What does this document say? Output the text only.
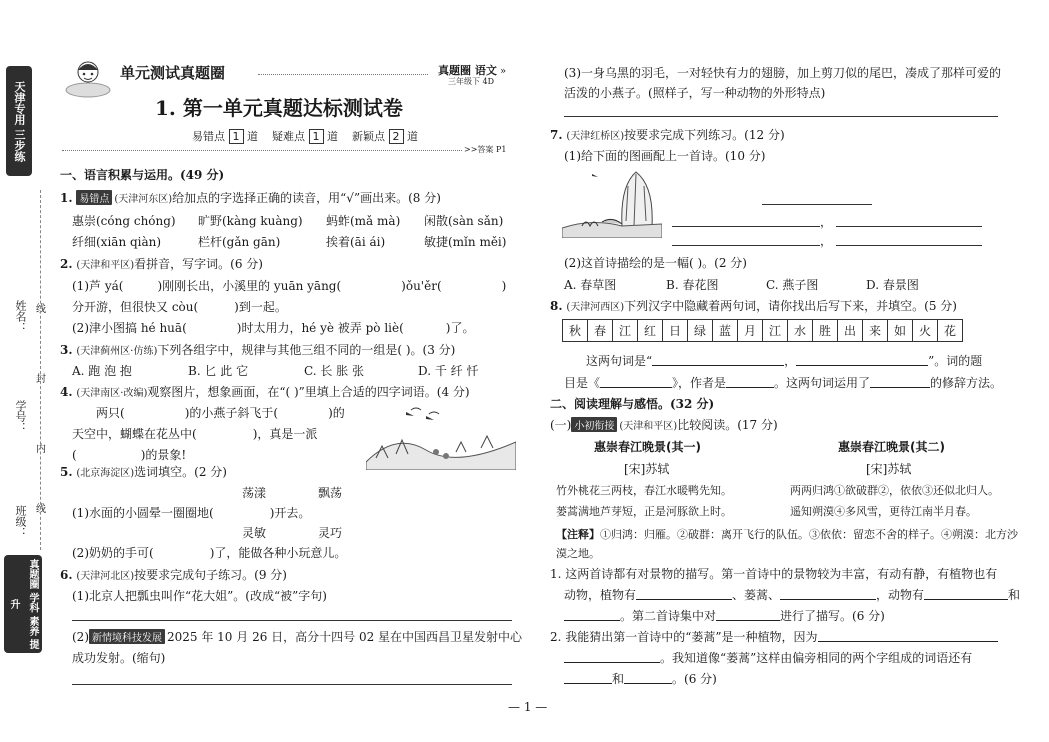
天津专用 三步练
姓名：
学号：
班级：
线
封
内
线
真题圈 学科 素养 提升
单元测试真题圈	真题圈 语文
三年级下 4D
»
1. 第一单元真题达标测试卷
易错点 1 道 疑难点 1 道 新颖点 2 道
>>答案 P1
一、语言积累与运用。(49 分)
1. 易错点 (天津河东区)给加点的字选择正确的读音，用“√”画出来。(8 分)
惠崇(cóng chóng) 旷野(kàng kuàng) 蚂蚱(mǎ mà) 闲散(sàn sǎn)
纤细(xiān qiàn)	栏杆(gǎn gān)	挨着(āi ái)	敏捷(mǐn měi)
2. (天津和平区)看拼音，写字词。(6 分)
(1)芦 yá(	)刚刚长出，小溪里的 yuān yāng(	)ǒu'ěr(	)
分开游，但很快又 còu(	)到一起。
(2)津小图搞 hé huā(	)时太用力，hé yè 被弄 pò liè(	)了。
3. (天津蓟州区·仿练)下列各组字中，规律与其他三组不同的一组是( )。(3 分)
A. 跑 泡 抱	B. 匕 此 它	C. 长 胀 张	D. 千 纤 忏
4. (天津南区·改编)观察图片，想象画面，在“( )”里填上合适的四字词语。(4 分)
两只(	)的小燕子斜飞于(	)的
天空中，蝴蝶在花丛中(	)，真是一派
(	)的景象!
5. (北京海淀区)选词填空。(2 分)
荡漾	飘荡
(1)水面的小圆晕一圈圈地(	)开去。
灵敏	灵巧
(2)奶奶的手可(	)了，能做各种小玩意儿。
6. (天津河北区)按要求完成句子练习。(9 分)
(1)北京人把瓢虫叫作“花大姐”。(改成“被”字句)
(2) 新情境科技发展 2025 年 10 月 26 日，高分十四号 02 星在中国西昌卫星发射中心
成功发射。(缩句)
(3)一身乌黑的羽毛，一对轻快有力的翅膀，加上剪刀似的尾巴，凑成了那样可爱的
活泼的小燕子。(照样子，写一种动物的外形特点)
7. (天津红桥区)按要求完成下列练习。(12 分)
(1)给下面的图画配上一首诗。(10 分)
，
，
(2)这首诗描绘的是一幅( )。(2 分)
A. 春草图	B. 春花图	C. 燕子图	D. 春景图
8. (天津河西区)下列汉字中隐藏着两句词，请你找出后写下来，并填空。(5 分)
秋	春	江	红	日	绿	蓝	月	江	水	胜	出	来	如	火	花
这两句词是“	，	”。词的题
目是《	》，作者是	。这两句词运用了	的修辞方法。
二、阅读理解与感悟。(32 分)
(一) 小初衔接 (天津和平区)比较阅读。(17 分)
惠崇春江晚景(其一)
[宋]苏轼
竹外桃花三两枝，春江水暖鸭先知。
蒌蒿满地芦芽短，正是河豚欲上时。
惠崇春江晚景(其二)
[宋]苏轼
两两归鸿①欲破群②，依依③还似北归人。
遥知朔漠④多风雪，更待江南半月春。
【注释】①归鸿：归雁。②破群：离开飞行的队伍。③依依：留恋不舍的样子。④朔漠：北方沙
漠之地。
1. 这两首诗都有对景物的描写。第一首诗中的景物较为丰富，有动有静，有植物也有
动物，植物有	、蒌蒿、	，动物有	和
。第二首诗集中对	进行了描写。(6 分)
2. 我能猜出第一首诗中的“蒌蒿”是一种植物，因为
。我知道像“蒌蒿”这样由偏旁相同的两个字组成的词语还有
和	。(6 分)
— 1 —
